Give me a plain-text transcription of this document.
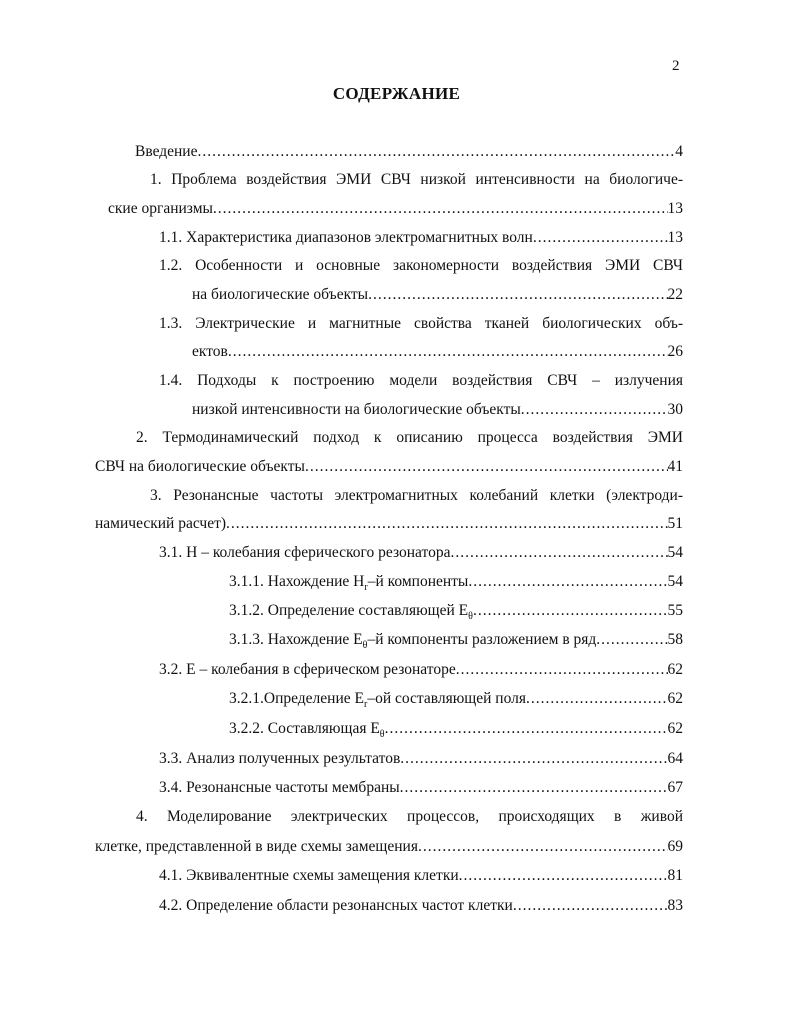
2
СОДЕРЖАНИЕ
Введение .....	4
1. Проблема воздействия ЭМИ СВЧ низкой интенсивности на биологиче-
ские организмы .....	13
1.1. Характеристика диапазонов электромагнитных волн .....	13
1.2. Особенности и основные закономерности воздействия ЭМИ СВЧ
на биологические объекты .....	22
1.3. Электрические и магнитные свойства тканей биологических объ-
ектов .....	26
1.4. Подходы к построению модели воздействия СВЧ – излучения
низкой интенсивности на биологические объекты .....	30
2. Термодинамический подход к описанию процесса воздействия ЭМИ
СВЧ на биологические объекты .....	41
3. Резонансные частоты электромагнитных колебаний клетки (электроди-
намический расчет) .....	51
3.1. Н – колебания сферического резонатора .....	54
3.1.1. Нахождение $H_r-й$ компоненты .....	54
3.1.2. Определение составляющей $E_\theta$ .....	55
3.1.3. Нахождение $E_\theta-й$ компоненты разложением в ряд .....	58
3.2. Е – колебания в сферическом резонаторе .....	62
3.2.1.Определение $E_r-ой$ составляющей поля .....	62
3.2.2. Составляющая $E_\theta$ .....	62
3.3. Анализ полученных результатов .....	64
3.4. Резонансные частоты мембраны .....	67
4. Моделирование электрических процессов, происходящих в живой
клетке, представленной в виде схемы замещения .....	69
4.1. Эквивалентные схемы замещения клетки .....	81
4.2. Определение области резонансных частот клетки .....	83
